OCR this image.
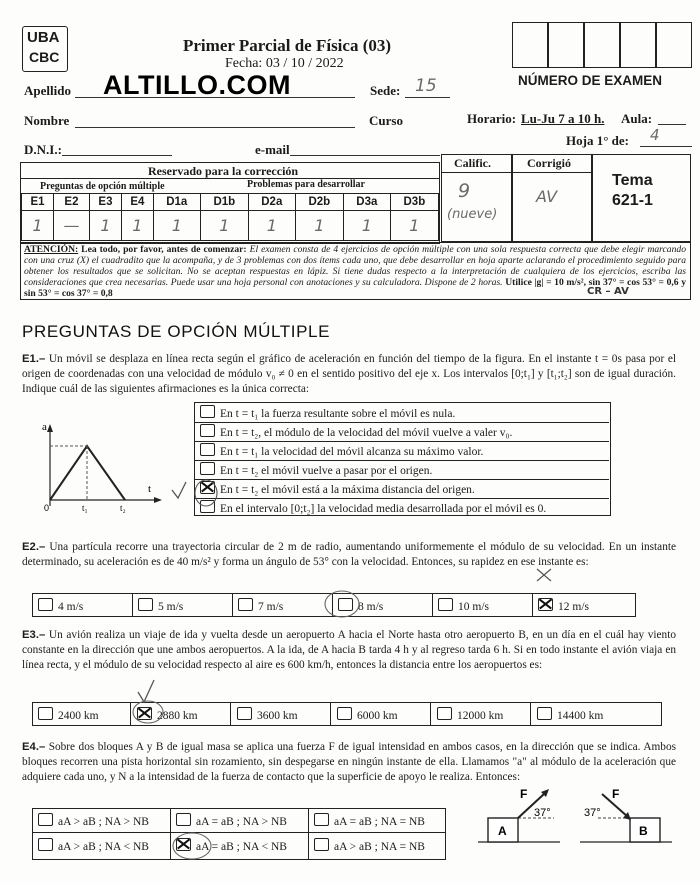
UBA
CBC
Primer Parcial de Física (03)
Fecha: 03 / 10 / 2022
ALTILLO.COM	NÚMERO DE EXAMEN
Apellido	Sede: 15
Nombre	Curso	Horario: Lu-Ju 7 a 10 h. Aula:
D.N.I.:	e-mail
Hoja 1° de: 4
Reservado para la corrección
Preguntas de opción múltiple	Problemas para desarrollar
E1	E2	E3	E4	D1a	D1b	D2a	D2b	D3a	D3b
1	—	1	1	1	1	1	1	1	1
Calific.
9
(nueve)
Corrigió
AV
Tema
621-1
ATENCIÓN: Lea todo, por favor, antes de comenzar: El examen consta de 4 ejercicios de opción múltiple con una sola respuesta correcta que debe elegir marcando con una cruz (X) el cuadradito que la acompaña, y de 3 problemas con dos ítems cada uno, que debe desarrollar en hoja aparte aclarando el procedimiento seguido para obtener los resultados que se solicitan. No se aceptan respuestas en lápiz. Si tiene dudas respecto a la interpretación de cualquiera de los ejercicios, escriba las consideraciones que crea necesarias. Puede usar una hoja personal con anotaciones y su calculadora. Dispone de 2 horas. Utilice |g| = 10 m/s², sin 37° = cos 53° = 0,6 y sin 53° = cos 37° = 0,8	CR – AV
PREGUNTAS DE OPCIÓN MÚLTIPLE
E1.– Un móvil se desplaza en línea recta según el gráfico de aceleración en función del tiempo de la figura. En el instante t = 0s pasa por el origen de coordenadas con una velocidad de módulo v₀ ≠ 0 en el sentido positivo del eje x. Los intervalos [0;t₁] y [t₁;t₂] son de igual duración. Indique cuál de las siguientes afirmaciones es la única correcta:
a
t
0	t₁	t₂
En t = t₁ la fuerza resultante sobre el móvil es nula.
En t = t₂, el módulo de la velocidad del móvil vuelve a valer v₀.
En t = t₁ la velocidad del móvil alcanza su máximo valor.
En t = t₂ el móvil vuelve a pasar por el origen.
En t = t₂ el móvil está a la máxima distancia del origen.
En el intervalo [0;t₂] la velocidad media desarrollada por el móvil es 0.
E2.– Una partícula recorre una trayectoria circular de 2 m de radio, aumentando uniformemente el módulo de su velocidad. En un instante determinado, su aceleración es de 40 m/s² y forma un ángulo de 53° con la velocidad. Entonces, su rapidez en ese instante es:
4 m/s	5 m/s	7 m/s	8 m/s	10 m/s	12 m/s
E3.– Un avión realiza un viaje de ida y vuelta desde un aeropuerto A hacia el Norte hasta otro aeropuerto B, en un día en el cuál hay viento constante en la dirección que une ambos aeropuertos. A la ida, de A hacia B tarda 4 h y al regreso tarda 6 h. Si en todo instante el avión viaja en línea recta, y el módulo de su velocidad respecto al aire es 600 km/h, entonces la distancia entre los aeropuertos es:
2400 km	2880 km	3600 km	6000 km	12000 km	14400 km
E4.– Sobre dos bloques A y B de igual masa se aplica una fuerza F de igual intensidad en ambos casos, en la dirección que se indica. Ambos bloques recorren una pista horizontal sin rozamiento, sin despegarse en ningún instante de ella. Llamamos "a" al módulo de la aceleración que adquiere cada uno, y N a la intensidad de la fuerza de contacto que la superficie de apoyo le realiza. Entonces:
aA > aB ; NA > NB	aA = aB ; NA > NB	aA = aB ; NA = NB
aA > aB ; NA < NB	aA = aB ; NA < NB	aA > aB ; NA = NB
F
37°
A
F
37°
B
